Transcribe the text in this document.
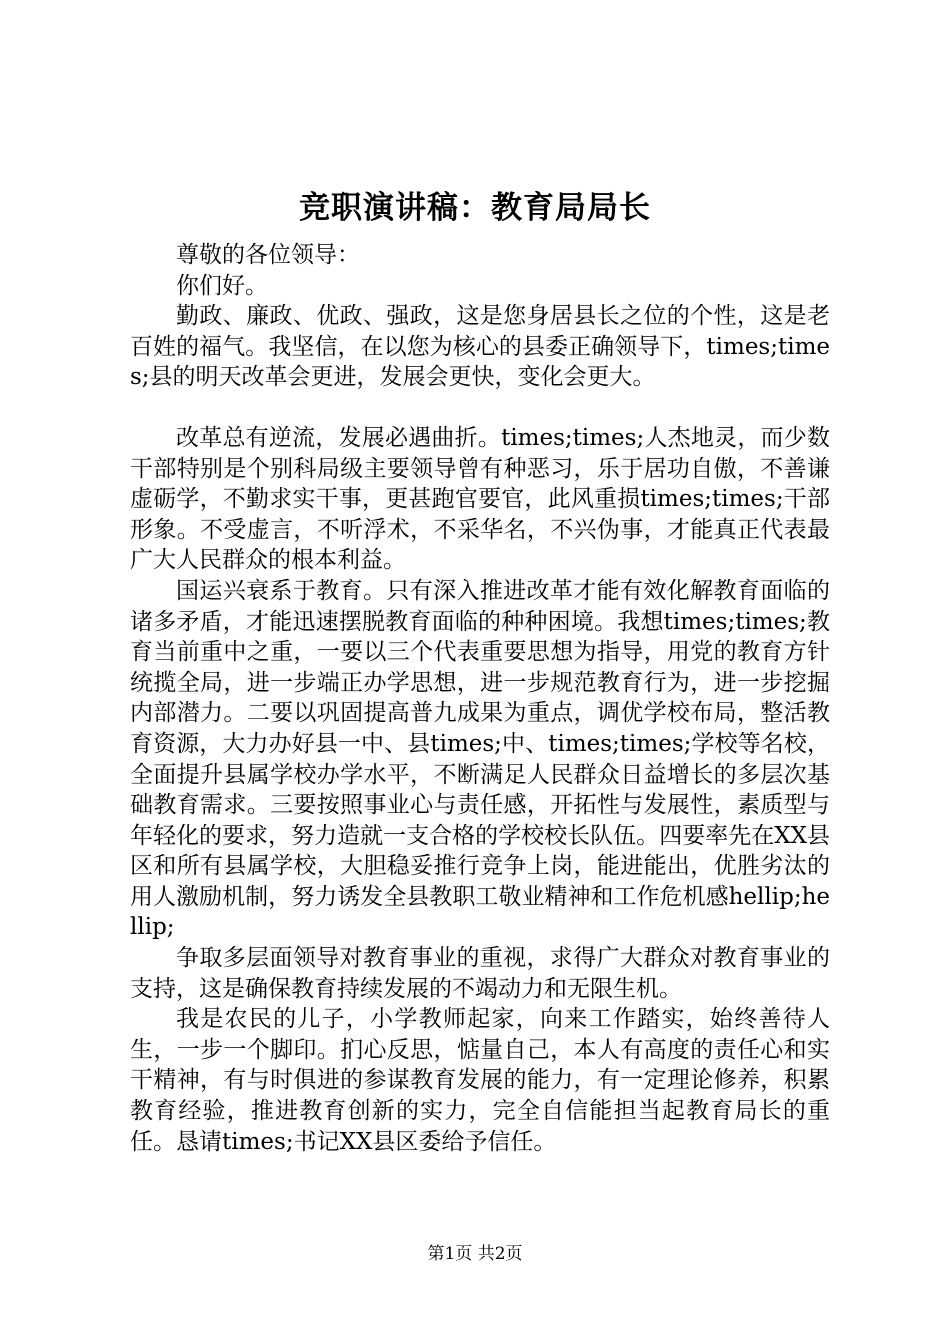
竞职演讲稿：教育局局长

尊敬的各位领导：

你们好。

勤政、廉政、优政、强政，这是您身居县长之位的个性，这是老百姓的福气。我坚信，在以您为核心的县委正确领导下，times;times;县的明天改革会更进，发展会更快，变化会更大。

改革总有逆流，发展必遇曲折。times;times;人杰地灵，而少数干部特别是个别科局级主要领导曾有种恶习，乐于居功自傲，不善谦虚砺学，不勤求实干事，更甚跑官要官，此风重损times;times;干部形象。不受虚言，不听浮术，不采华名，不兴伪事，才能真正代表最广大人民群众的根本利益。

国运兴衰系于教育。只有深入推进改革才能有效化解教育面临的诸多矛盾，才能迅速摆脱教育面临的种种困境。我想times;times;教育当前重中之重，一要以三个代表重要思想为指导，用党的教育方针统揽全局，进一步端正办学思想，进一步规范教育行为，进一步挖掘内部潜力。二要以巩固提高普九成果为重点，调优学校布局，整活教育资源，大力办好县一中、县times;中、times;times;学校等名校，全面提升县属学校办学水平，不断满足人民群众日益增长的多层次基础教育需求。三要按照事业心与责任感，开拓性与发展性，素质型与年轻化的要求，努力造就一支合格的学校校长队伍。四要率先在XX县区和所有县属学校，大胆稳妥推行竞争上岗，能进能出，优胜劣汰的用人激励机制，努力诱发全县教职工敬业精神和工作危机感hellip;hellip;

争取多层面领导对教育事业的重视，求得广大群众对教育事业的支持，这是确保教育持续发展的不竭动力和无限生机。

我是农民的儿子，小学教师起家，向来工作踏实，始终善待人生，一步一个脚印。扪心反思，惦量自己，本人有高度的责任心和实干精神，有与时俱进的参谋教育发展的能力，有一定理论修养，积累教育经验，推进教育创新的实力，完全自信能担当起教育局长的重任。恳请times;书记XX县区委给予信任。

第1页 共2页
